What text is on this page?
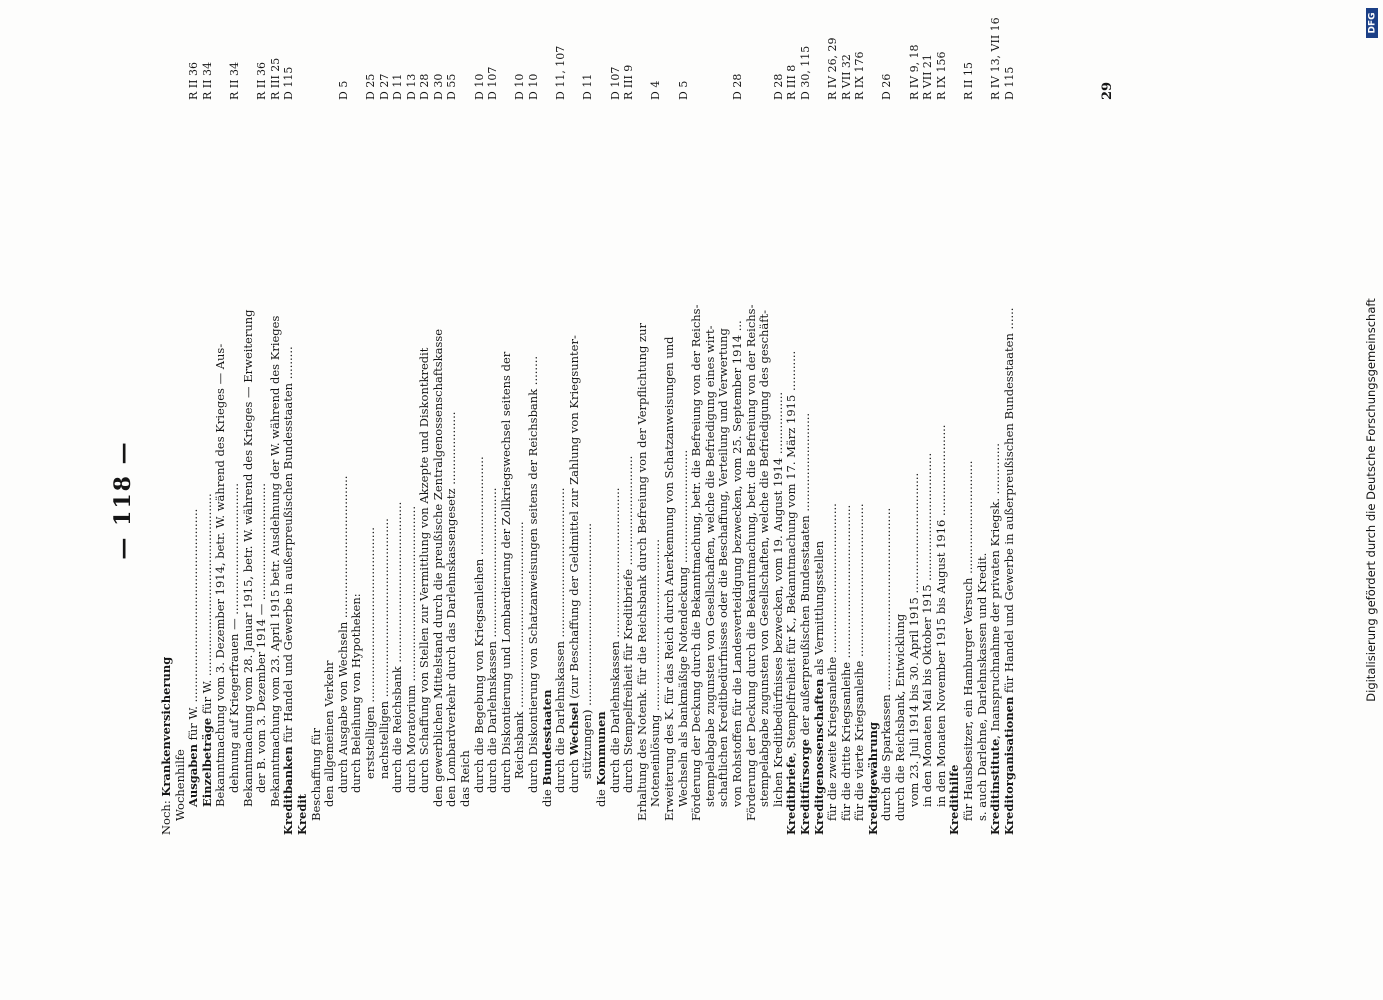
— 118 —
Noch: Krankenversicherung Wochenhilfe Ausgaben für W. .....................................................
R II 36
Einzelbeträge für W. ..................................................
R II 34
Bekanntmachung vom 3. Dezember 1914, betr. W. während des Krieges — Aus- dehnung auf Kriegerfrauen — ....................................
R II 34
Bekanntmachung vom 28. Januar 1915, betr. W. während des Krieges — Erweiterung der B. vom 3. Dezember 1914 — ................................
R II 36
Bekanntmachung vom 23. April 1915 betr. Ausdehnung der W. während des Krieges
R III 25
Kreditbanken für Handel und Gewerbe in außerpreußischen Bundesstaaten .........
D 115
Kredit Beschaffung für den allgemeinen Verkehr durch Ausgabe von Wechseln .......................................
D 5
durch Beleihung von Hypotheken: erststelligen ................................................
D 25
nachstelligen .................................................
D 27
durch die Reichsbank ............................................
D 11
durch Moratorium ................................................
D 13
durch Schaffung von Stellen zur Vermittlung von Akzepte und Diskontkredit
D 28
den gewerblichen Mittelstand durch die preußische Zentralgenossenschaftskasse
D 30
den Lombardverkehr durch das Darlehnskassengesetz ....................
D 55
das Reich durch die Begebung von Kriegsanleihen ...........................
D 10
durch die Darlehnskassen .........................................
D 107
durch Diskontierung und Lombardierung der Zollkriegswechsel seitens der Reichsbank ...................................................
D 10
durch Diskontierung von Schatzanweisungen seitens der Reichsbank ........
D 10
die Bundesstaaten durch die Darlehnskassen .........................................
D 11, 107
durch Wechsel (zur Beschaffung der Geldmittel zur Zahlung von Kriegsunter- stützungen) ..................................................
D 11
die Kommunen durch die Darlehnskassen .........................................
D 107
durch Stempelfreiheit für Kreditbriefe ..............................
R III 9
Erhaltung des Notenk. für die Reichsbank durch Befreiung von der Verpflichtung zur Noteneinlösung ...............................................
D 4
Erweiterung des K. für das Reich durch Anerkennung von Schatzanweisungen und Wechseln als bankmäßige Notendeckung ...............................
D 5
Förderung der Deckung durch die Bekanntmachung, betr. die Befreiung von der Reichs- stempelabgabe zugunsten von Gesellschaften, welche die Befriedigung eines wirt- schaftlichen Kreditbedürfnisses oder die Beschaffung, Verteilung und Verwertung von Rohstoffen für die Landesverteidigung bezwecken, vom 25. September 1914 ...
D 28
Förderung der Deckung durch die Bekanntmachung, betr. die Befreiung von der Reichs- stempelabgabe zugunsten von Gesellschaften, welche die Befriedigung des geschäft- lichen Kreditbedürfnisses bezwecken, vom 19. August 1914 .................
D 28
Kreditbriefe, Stempelfreiheit für K., Bekanntmachung vom 17. März 1915 ...........
R III 8
Kreditfürsorge der außerpreußischen Bundesstaaten ...........................
D 30, 115
Kreditgenossenschaften als Vermittlungsstellen für die zweite Kriegsanleihe .........................................
R IV 26, 29
für die dritte Kriegsanleihe ..........................................
R VII 32
für die vierte Kriegsanleihe ..........................................
R IX 176
Kreditgewährung durch die Sparkassen ..................................................
D 26
durch die Reichsbank, Entwicklung vom 23. Juli 1914 bis 30. April 1915 .................................
R IV 9, 18
in den Monaten Mai bis Oktober 1915 ...................................
R VII 21
in den Monaten November 1915 bis August 1916 .........................
R IX 156
Kredithilfe für Hausbesitzer, ein Hamburger Versuch ...............................
R II 15
s. auch Darlehne, Darlehnskassen und Kredit. Kreditinstitute, Inanspruchnahme der privaten Kriegsk. ..............
R IV 13, VII 16
Kreditorganisationen für Handel und Gewerbe in außerpreußischen Bundesstaaten ......
D 115	29
Digitalisierung gefördert durch die Deutsche Forschungsgemeinschaft
DFG
